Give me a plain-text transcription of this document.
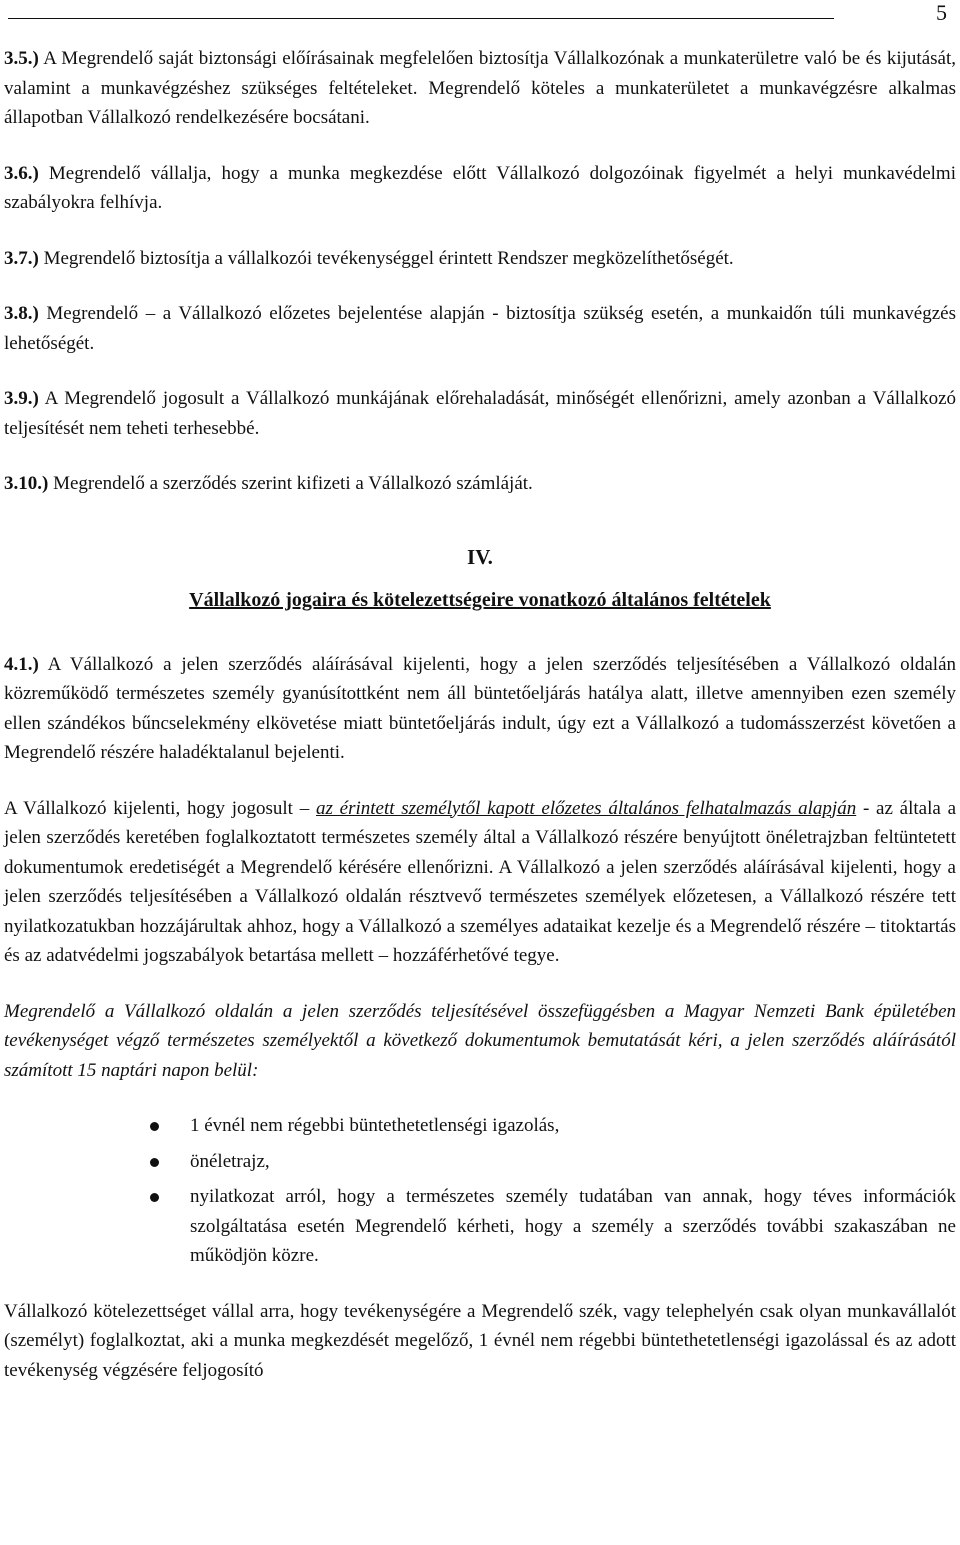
5

3.5.) A Megrendelő saját biztonsági előírásainak megfelelően biztosítja Vállalkozónak a munkaterületre való be és kijutását, valamint a munkavégzéshez szükséges feltételeket. Megrendelő köteles a munkaterületet a munkavégzésre alkalmas állapotban Vállalkozó rendelkezésére bocsátani.

3.6.) Megrendelő vállalja, hogy a munka megkezdése előtt Vállalkozó dolgozóinak figyelmét a helyi munkavédelmi szabályokra felhívja.

3.7.) Megrendelő biztosítja a vállalkozói tevékenységgel érintett Rendszer megközelíthetőségét.

3.8.) Megrendelő – a Vállalkozó előzetes bejelentése alapján - biztosítja szükség esetén, a munkaidőn túli munkavégzés lehetőségét.

3.9.) A Megrendelő jogosult a Vállalkozó munkájának előrehaladását, minőségét ellenőrizni, amely azonban a Vállalkozó teljesítését nem teheti terhesebbé.

3.10.) Megrendelő a szerződés szerint kifizeti a Vállalkozó számláját.

IV.
Vállalkozó jogaira és kötelezettségeire vonatkozó általános feltételek

4.1.) A Vállalkozó a jelen szerződés aláírásával kijelenti, hogy a jelen szerződés teljesítésében a Vállalkozó oldalán közreműködő természetes személy gyanúsítottként nem áll büntetőeljárás hatálya alatt, illetve amennyiben ezen személy ellen szándékos bűncselekmény elkövetése miatt büntetőeljárás indult, úgy ezt a Vállalkozó a tudomásszerzést követően a Megrendelő részére haladéktalanul bejelenti.

A Vállalkozó kijelenti, hogy jogosult – az érintett személytől kapott előzetes általános felhatalmazás alapján - az általa a jelen szerződés keretében foglalkoztatott természetes személy által a Vállalkozó részére benyújtott önéletrajzban feltüntetett dokumentumok eredetiségét a Megrendelő kérésére ellenőrizni. A Vállalkozó a jelen szerződés aláírásával kijelenti, hogy a jelen szerződés teljesítésében a Vállalkozó oldalán résztvevő természetes személyek előzetesen, a Vállalkozó részére tett nyilatkozatukban hozzájárultak ahhoz, hogy a Vállalkozó a személyes adataikat kezelje és a Megrendelő részére – titoktartás és az adatvédelmi jogszabályok betartása mellett – hozzáférhetővé tegye.

Megrendelő a Vállalkozó oldalán a jelen szerződés teljesítésével összefüggésben a Magyar Nemzeti Bank épületében tevékenységet végző természetes személyektől a következő dokumentumok bemutatását kéri, a jelen szerződés aláírásától számított 15 naptári napon belül:

1 évnél nem régebbi büntethetetlenségi igazolás,
önéletrajz,
nyilatkozat arról, hogy a természetes személy tudatában van annak, hogy téves információk szolgáltatása esetén Megrendelő kérheti, hogy a személy a szerződés további szakaszában ne működjön közre.

Vállalkozó kötelezettséget vállal arra, hogy tevékenységére a Megrendelő szék, vagy telephelyén csak olyan munkavállalót (személyt) foglalkoztat, aki a munka megkezdését megelőző, 1 évnél nem régebbi büntethetetlenségi igazolással és az adott tevékenység végzésére feljogosító
